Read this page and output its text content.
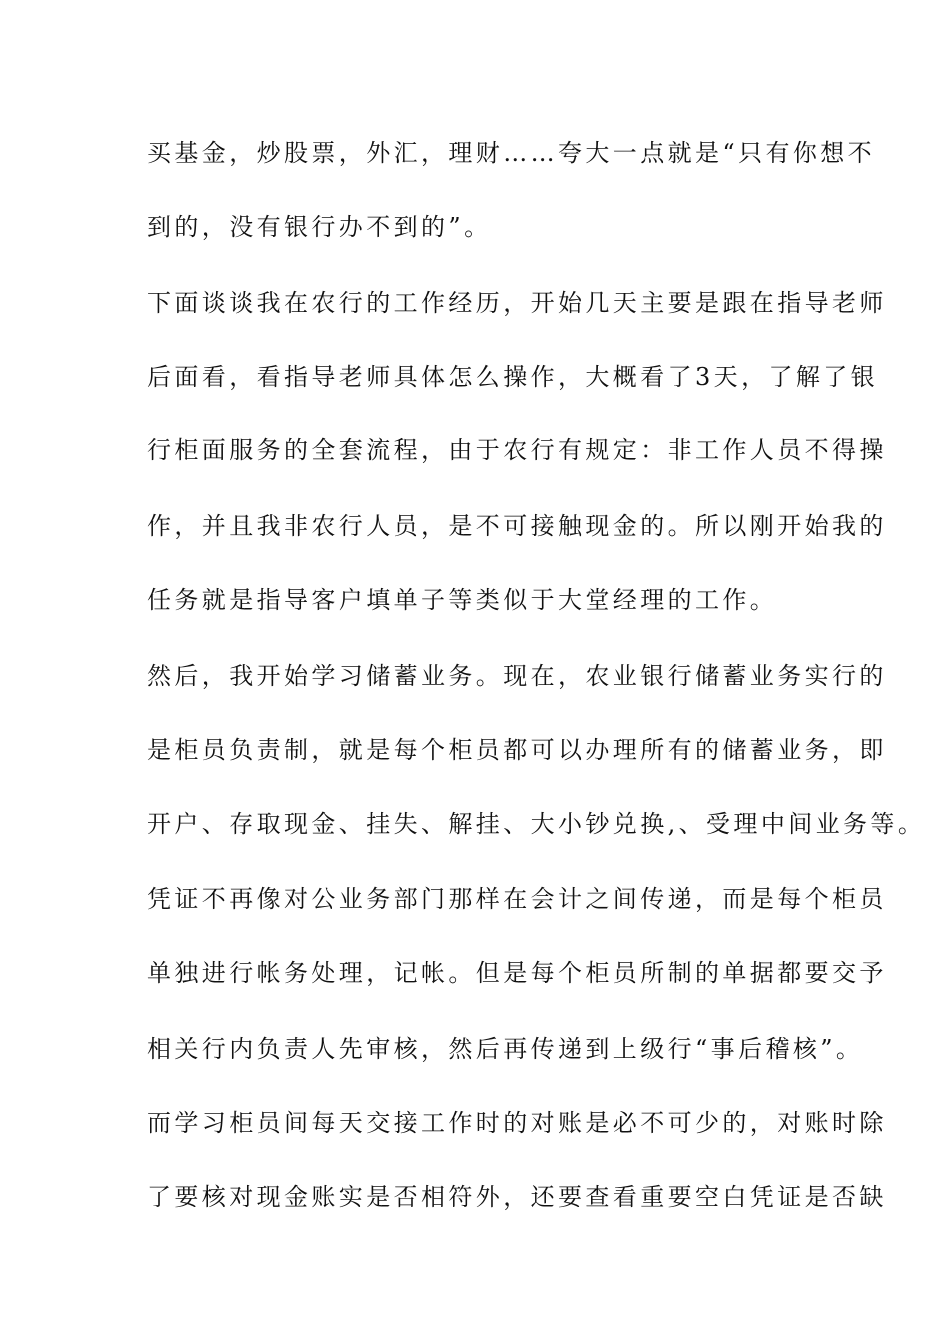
买基金，炒股票，外汇，理财……夸大一点就是“只有你想不
到的，没有银行办不到的”。
下面谈谈我在农行的工作经历，开始几天主要是跟在指导老师
后面看，看指导老师具体怎么操作，大概看了3天，了解了银
行柜面服务的全套流程，由于农行有规定：非工作人员不得操
作，并且我非农行人员，是不可接触现金的。所以刚开始我的
任务就是指导客户填单子等类似于大堂经理的工作。
然后，我开始学习储蓄业务。现在，农业银行储蓄业务实行的
是柜员负责制，就是每个柜员都可以办理所有的储蓄业务，即
开户、存取现金、挂失、解挂、大小钞兑换,、受理中间业务等。
凭证不再像对公业务部门那样在会计之间传递，而是每个柜员
单独进行帐务处理，记帐。但是每个柜员所制的单据都要交予
相关行内负责人先审核，然后再传递到上级行“事后稽核”。
而学习柜员间每天交接工作时的对账是必不可少的，对账时除
了要核对现金账实是否相符外，还要查看重要空白凭证是否缺
